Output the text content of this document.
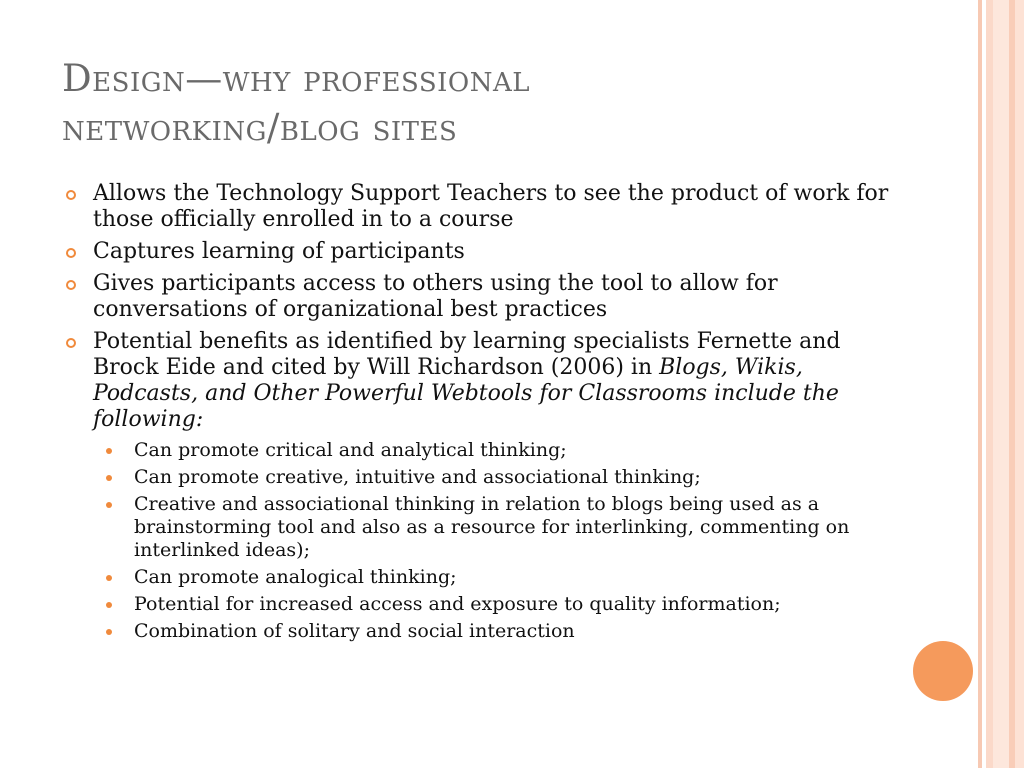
Design—why professional
networking/blog sites
Allows the Technology Support Teachers to see the product of work for those officially enrolled in to a course
Captures learning of participants
Gives participants access to others using the tool to allow for conversations of organizational best practices
Potential benefits as identified by learning specialists Fernette and Brock Eide and cited by Will Richardson (2006) in Blogs, Wikis, Podcasts, and Other Powerful Webtools for Classrooms include the following:
Can promote critical and analytical thinking;
Can promote creative, intuitive and associational thinking;
Creative and associational thinking in relation to blogs being used as a brainstorming tool and also as a resource for interlinking, commenting on interlinked ideas);
Can promote analogical thinking;
Potential for increased access and exposure to quality information;
Combination of solitary and social interaction
